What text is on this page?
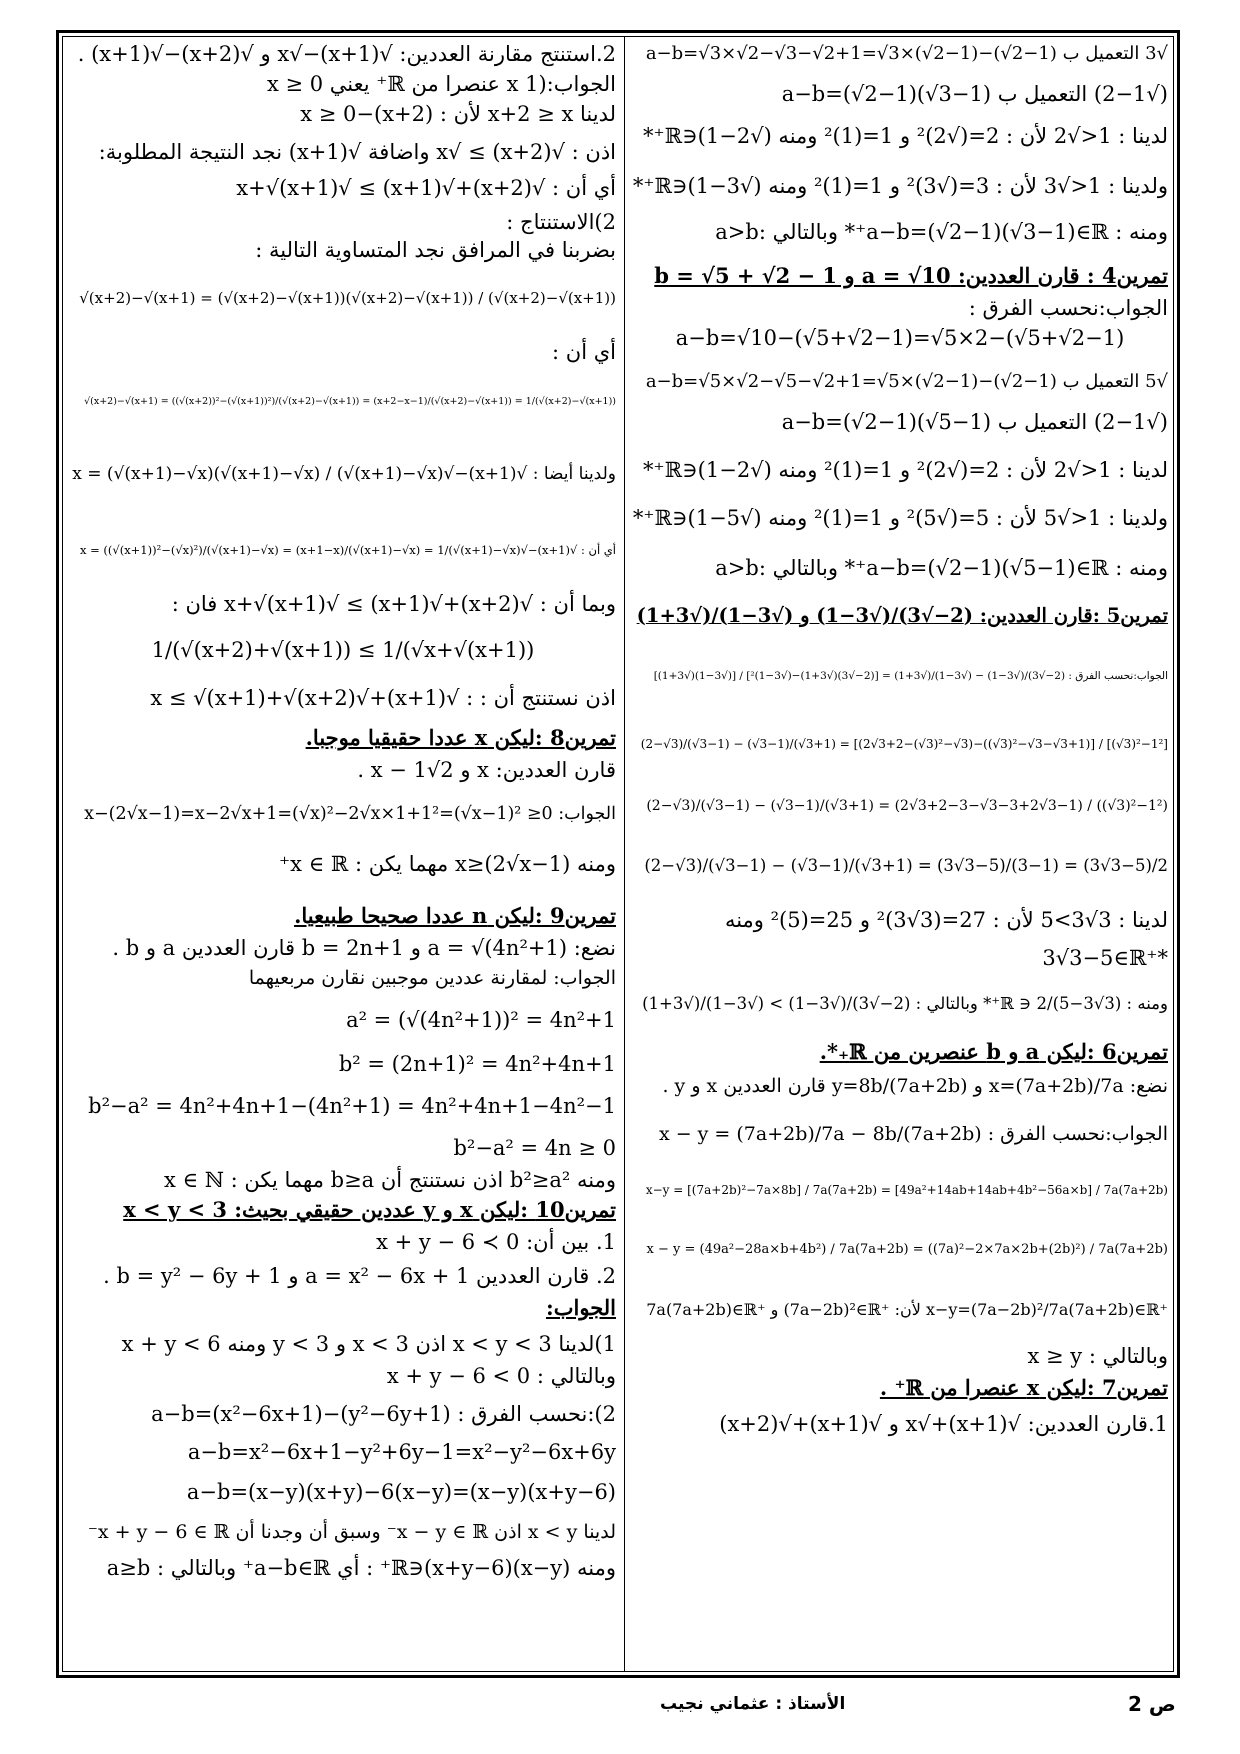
√3 التعميل ب a−b=√3×√2−√3−√2+1=√3×(√2−1)−(√2−1)
(√2−1) التعميل ب a−b=(√2−1)(√3−1)
لدينا : 1<√2 لأن : 2=(√2)² و 1=(1)² ومنه (√2−1)∈ℝ⁺*
ولدينا : 1<√3 لأن : 3=(√3)² و 1=(1)² ومنه (√3−1)∈ℝ⁺*
ومنه : a−b=(√2−1)(√3−1)∈ℝ⁺* وبالتالي :a>b
تمرين4 : قارن العددين: a = √10 و b = √5 + √2 − 1
الجواب:نحسب الفرق :
a−b=√10−(√5+√2−1)=√5×2−(√5+√2−1)
√5 التعميل ب a−b=√5×√2−√5−√2+1=√5×(√2−1)−(√2−1)
(√2−1) التعميل ب a−b=(√2−1)(√5−1)
لدينا : 1<√2 لأن : 2=(√2)² و 1=(1)² ومنه (√2−1)∈ℝ⁺*
ولدينا : 1<√5 لأن : 5=(√5)² و 1=(1)² ومنه (√5−1)∈ℝ⁺*
ومنه : a−b=(√2−1)(√5−1)∈ℝ⁺* وبالتالي :a>b
تمرين5 :قارن العددين: (2−√3)/(√3−1) و (√3−1)/(√3+1)
الجواب:نحسب الفرق : (2−√3)/(√3−1) − (√3−1)/(√3+1) = [(2−√3)(√3+1)−(√3−1)²] / [(√3−1)(√3+1)]
(2−√3)/(√3−1) − (√3−1)/(√3+1) = [(2√3+2−(√3)²−√3)−((√3)²−√3−√3+1)] / [(√3)²−1²]
(2−√3)/(√3−1) − (√3−1)/(√3+1) = (2√3+2−3−√3−3+2√3−1) / ((√3)²−1²)
(2−√3)/(√3−1) − (√3−1)/(√3+1) = (3√3−5)/(3−1) = (3√3−5)/2
لدينا : 3√3>5 لأن : 27=(3√3)² و 25=(5)² ومنه
3√3−5∈ℝ⁺*
ومنه : (3√3−5)/2 ∈ ℝ⁺* وبالتالي : (2−√3)/(√3−1) > (√3−1)/(√3+1)
تمرين6 :ليكن a و b عنصرين من ℝ₊*.
نضع: x=(7a+2b)/7a و y=8b/(7a+2b) قارن العددين x و y .
الجواب:نحسب الفرق : x − y = (7a+2b)/7a − 8b/(7a+2b)
x−y = [(7a+2b)²−7a×8b] / 7a(7a+2b) = [49a²+14ab+14ab+4b²−56a×b] / 7a(7a+2b)
x − y = (49a²−28a×b+4b²) / 7a(7a+2b) = ((7a)²−2×7a×2b+(2b)²) / 7a(7a+2b)
7a(7a+2b)∈ℝ⁺ و (7a−2b)²∈ℝ⁺ :لأن x−y=(7a−2b)²/7a(7a+2b)∈ℝ⁺
وبالتالي : x ≥ y
تمرين7 :ليكن x عنصرا من ℝ⁺ .
1.قارن العددين: √(x+1)+√x و √(x+1)+√(x+2)
2.استنتج مقارنة العددين: √(x+1)−√x و √(x+2)−√(x+1) .
الجواب:(1 x عنصرا من ℝ⁺ يعني x ≥ 0
لدينا x+2 ≥ x لأن : (x+2)−x ≥ 0
اذن : √(x+2) ≥ √x واضافة √(x+1) نجد النتيجة المطلوبة:
أي أن : √(x+2)+√(x+1) ≥ √x+√(x+1)
2)الاستنتاج :
بضربنا في المرافق نجد المتساوية التالية :
√(x+2)−√(x+1) = (√(x+2)−√(x+1))(√(x+2)−√(x+1)) / (√(x+2)−√(x+1))
أي أن :
√(x+2)−√(x+1) = ((√(x+2))²−(√(x+1))²)/(√(x+2)−√(x+1)) = (x+2−x−1)/(√(x+2)−√(x+1)) = 1/(√(x+2)−√(x+1))
ولدينا أيضا : √(x+1)−√x = (√(x+1)−√x)(√(x+1)−√x) / (√(x+1)−√x)
أي أن : √(x+1)−√x = ((√(x+1))²−(√x)²)/(√(x+1)−√x) = (x+1−x)/(√(x+1)−√x) = 1/(√(x+1)−√x)
وبما أن : √(x+2)+√(x+1) ≥ √x+√(x+1) فان :
1/(√(x+2)+√(x+1)) ≤ 1/(√x+√(x+1))
اذن نستنتج أن : : √(x+1)+√x ≤ √(x+1)+√(x+2)
تمرين8 :ليكن x عددا حقيقيا موجبا.
قارن العددين: x و 2√x − 1 .
الجواب: x−(2√x−1)=x−2√x+1=(√x)²−2√x×1+1²=(√x−1)² ≥0
ومنه x≥(2√x−1) مهما يكن : x ∈ ℝ⁺
تمرين9 :ليكن n عددا صحيحا طبيعيا.
نضع: a = √(4n²+1) و b = 2n+1 قارن العددين a و b .
الجواب: لمقارنة عددين موجبين نقارن مربعيهما
a² = (√(4n²+1))² = 4n²+1
b² = (2n+1)² = 4n²+4n+1
b²−a² = 4n²+4n+1−(4n²+1) = 4n²+4n+1−4n²−1
b²−a² = 4n ≥ 0
ومنه b²≥a² اذن نستنتج أن b≥a مهما يكن : x ∈ ℕ
تمرين10 :ليكن x و y عددين حقيقي بحيث: x < y < 3
1. بين أن: x + y − 6 ≺ 0
2. قارن العددين a = x² − 6x + 1 و b = y² − 6y + 1 .
الجواب:
1)لدينا x < y < 3 اذن x < 3 و y < 3 ومنه x + y < 6
وبالتالي : x + y − 6 < 0
2):نحسب الفرق : a−b=(x²−6x+1)−(y²−6y+1)
a−b=x²−6x+1−y²+6y−1=x²−y²−6x+6y
a−b=(x−y)(x+y)−6(x−y)=(x−y)(x+y−6)
لدينا x < y اذن x − y ∈ ℝ⁻ وسبق أن وجدنا أن x + y − 6 ∈ ℝ⁻
ومنه (x−y)(x+y−6)∈ℝ⁺ : أي a−b∈ℝ⁺ وبالتالي : a≥b
ص 2
الأستاذ : عثماني نجيب
